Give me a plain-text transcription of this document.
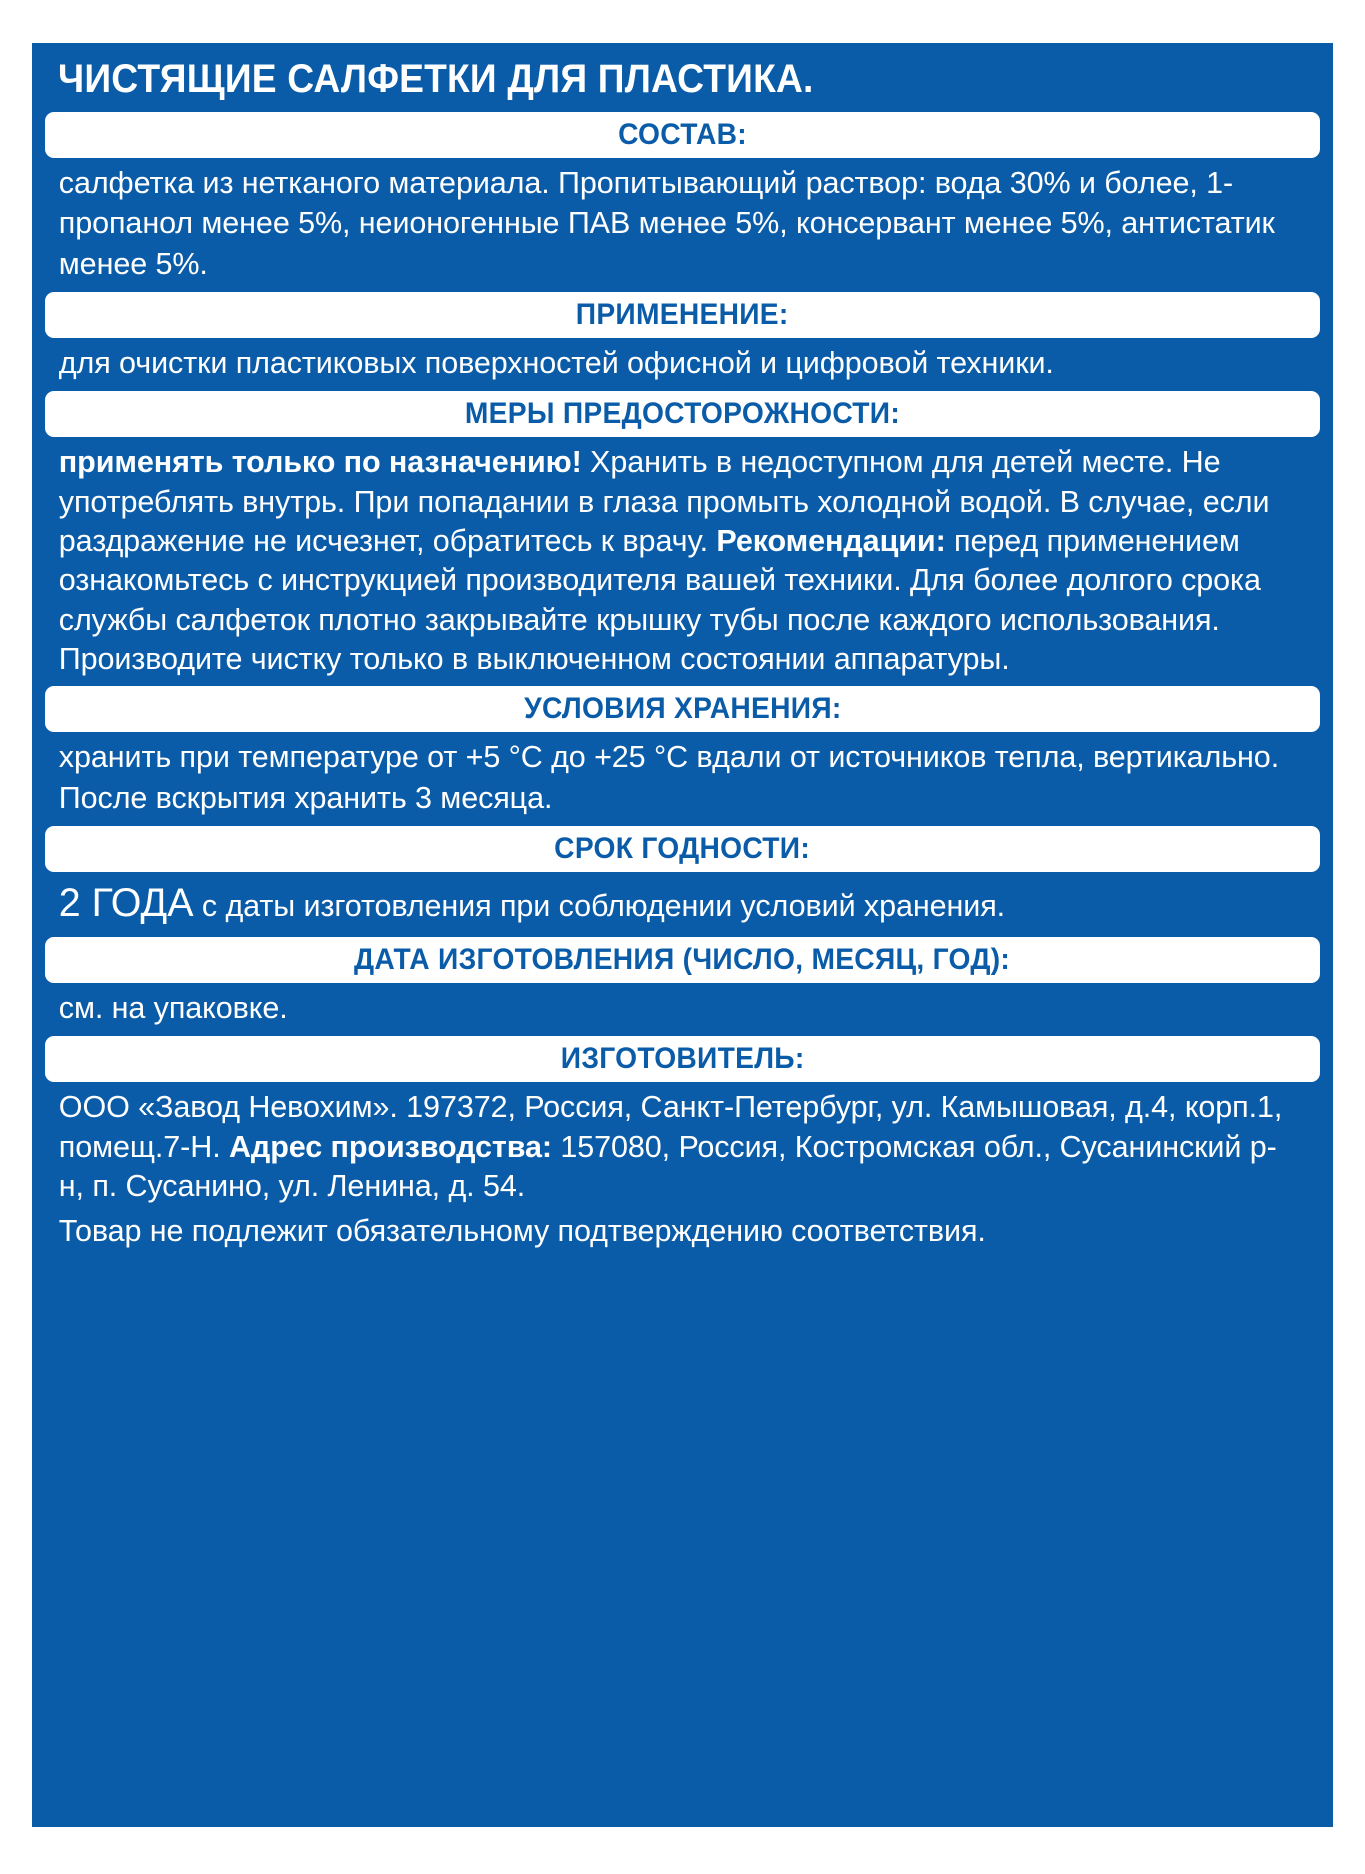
ЧИСТЯЩИЕ САЛФЕТКИ ДЛЯ ПЛАСТИКА.
СОСТАВ:
салфетка из нетканого материала. Пропитывающий раствор: вода 30% и более, 1-пропанол менее 5%, неионогенные ПАВ менее 5%, консервант менее 5%, антистатик менее 5%.
ПРИМЕНЕНИЕ:
для очистки пластиковых поверхностей офисной и цифровой техники.
МЕРЫ ПРЕДОСТОРОЖНОСТИ:
применять только по назначению! Хранить в недоступном для детей месте. Не употреблять внутрь. При попадании в глаза промыть холодной водой. В случае, если раздражение не исчезнет, обратитесь к врачу. Рекомендации: перед применением ознакомьтесь с инструкцией производителя вашей техники. Для более долгого срока службы салфеток плотно закрывайте крышку тубы после каждого использования. Производите чистку только в выключенном состоянии аппаратуры.
УСЛОВИЯ ХРАНЕНИЯ:
хранить при температуре от +5 °C до +25 °C вдали от источников тепла, вертикально. После вскрытия хранить 3 месяца.
СРОК ГОДНОСТИ:
2 ГОДА с даты изготовления при соблюдении условий хранения.
ДАТА ИЗГОТОВЛЕНИЯ (ЧИСЛО, МЕСЯЦ, ГОД):
см. на упаковке.
ИЗГОТОВИТЕЛЬ:
ООО «Завод Невохим». 197372, Россия, Санкт-Петербург, ул. Камышовая, д.4, корп.1, помещ.7-Н. Адрес производства: 157080, Россия, Костромская обл., Сусанинский р-н, п. Сусанино, ул. Ленина, д. 54.
Товар не подлежит обязательному подтверждению соответствия.
